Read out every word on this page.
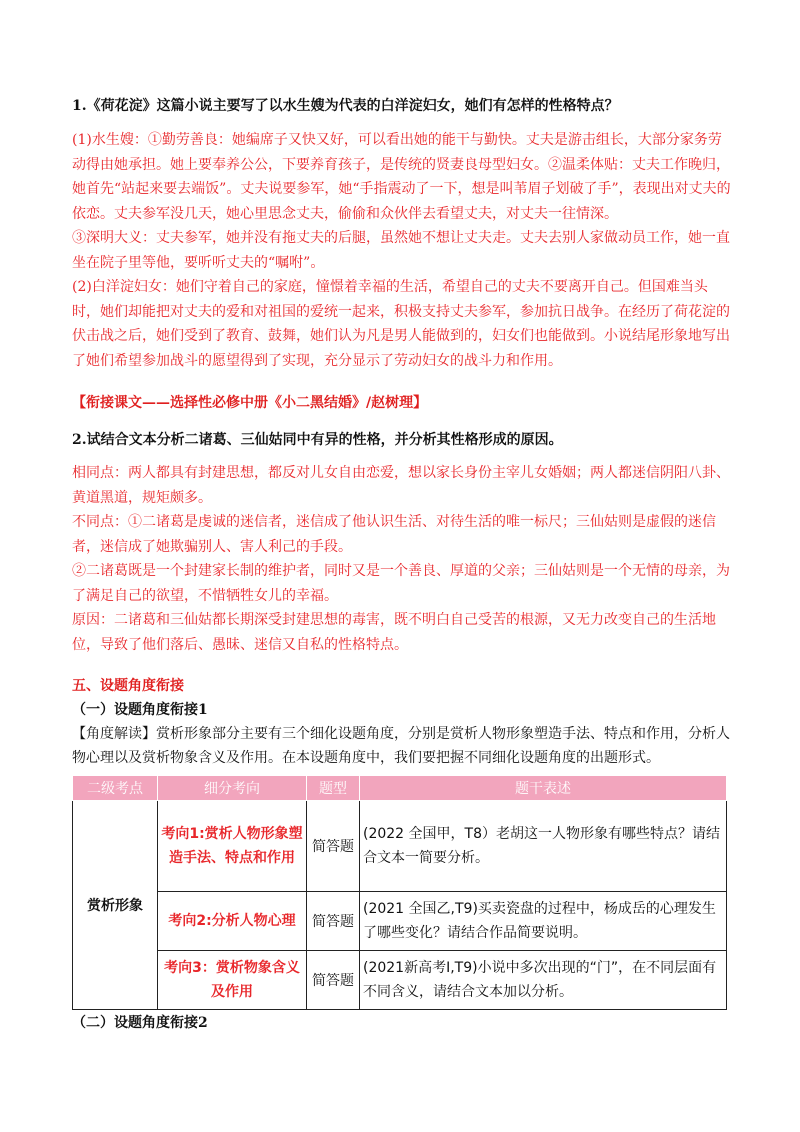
1.《荷花淀》这篇小说主要写了以水生嫂为代表的白洋淀妇女，她们有怎样的性格特点？

(1)水生嫂：①勤劳善良：她编席子又快又好，可以看出她的能干与勤快。丈夫是游击组长，大部分家务劳动得由她承担。她上要奉养公公，下要养育孩子，是传统的贤妻良母型妇女。②温柔体贴：丈夫工作晚归，她首先“站起来要去端饭”。丈夫说要参军，她“手指震动了一下，想是叫苇眉子划破了手”，表现出对丈夫的依恋。丈夫参军没几天，她心里思念丈夫，偷偷和众伙伴去看望丈夫，对丈夫一往情深。

③深明大义：丈夫参军，她并没有拖丈夫的后腿，虽然她不想让丈夫走。丈夫去别人家做动员工作，她一直坐在院子里等他，要听听丈夫的“嘱咐”。

(2)白洋淀妇女：她们守着自己的家庭，憧憬着幸福的生活，希望自己的丈夫不要离开自己。但国难当头时，她们却能把对丈夫的爱和对祖国的爱统一起来，积极支持丈夫参军，参加抗日战争。在经历了荷花淀的伏击战之后，她们受到了教育、鼓舞，她们认为凡是男人能做到的，妇女们也能做到。小说结尾形象地写出了她们希望参加战斗的愿望得到了实现，充分显示了劳动妇女的战斗力和作用。

【衔接课文——选择性必修中册《小二黑结婚》/赵树理】
2.试结合文本分析二诸葛、三仙姑同中有异的性格，并分析其性格形成的原因。

相同点：两人都具有封建思想，都反对儿女自由恋爱，想以家长身份主宰儿女婚姻；两人都迷信阴阳八卦、黄道黑道，规矩颇多。

不同点：①二诸葛是虔诚的迷信者，迷信成了他认识生活、对待生活的唯一标尺；三仙姑则是虚假的迷信者，迷信成了她欺骗别人、害人利己的手段。

②二诸葛既是一个封建家长制的维护者，同时又是一个善良、厚道的父亲；三仙姑则是一个无情的母亲，为了满足自己的欲望，不惜牺牲女儿的幸福。

原因：二诸葛和三仙姑都长期深受封建思想的毒害，既不明白自己受苦的根源，又无力改变自己的生活地位，导致了他们落后、愚昧、迷信又自私的性格特点。

五、设题角度衔接
（一）设题角度衔接1
【角度解读】赏析形象部分主要有三个细化设题角度，分别是赏析人物形象塑造手法、特点和作用，分析人物心理以及赏析物象含义及作用。在本设题角度中，我们要把握不同细化设题角度的出题形式。
二级考点	细分考向	题型	题干表述
赏析形象	考向1:赏析人物形象塑造手法、特点和作用	简答题	(2022 全国甲，T8）老胡这一人物形象有哪些特点？请结合文本一简要分析。
	考向2:分析人物心理	简答题	(2021 全国乙,T9)买卖瓷盘的过程中，杨成岳的心理发生了哪些变化？请结合作品简要说明。
	考向3：赏析物象含义及作用	简答题	(2021新高考Ⅰ,T9)小说中多次出现的“门”，在不同层面有不同含义，请结合文本加以分析。
（二）设题角度衔接2
